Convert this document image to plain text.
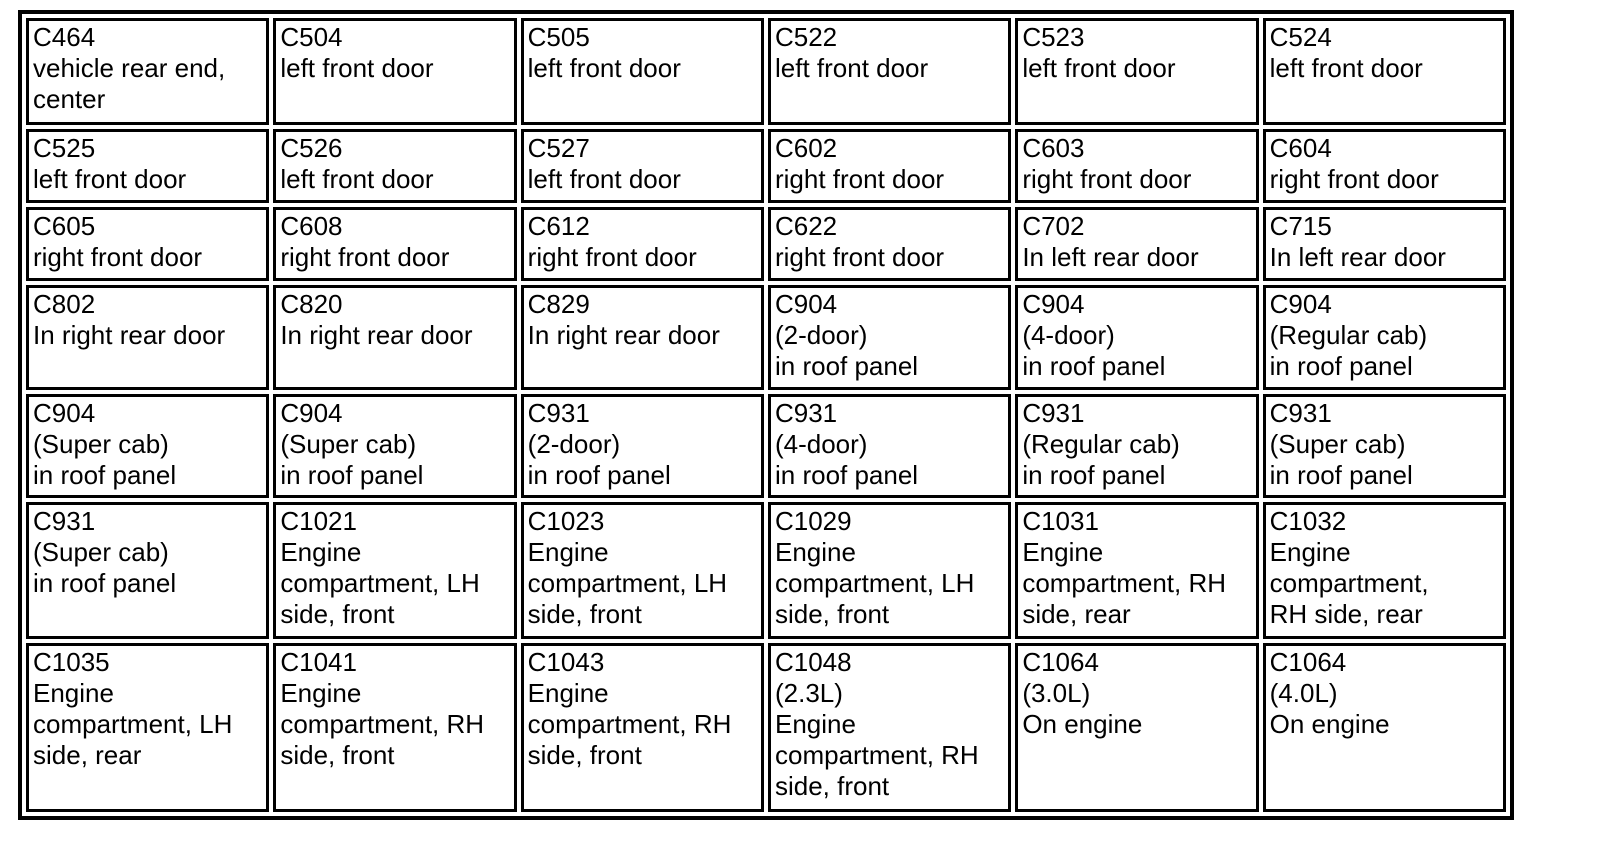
C464
vehicle rear end,
center	C504
left front door	C505
left front door	C522
left front door	C523
left front door	C524
left front door
C525
left front door	C526
left front door	C527
left front door	C602
right front door	C603
right front door	C604
right front door
C605
right front door	C608
right front door	C612
right front door	C622
right front door	C702
In left rear door	C715
In left rear door
C802
In right rear door	C820
In right rear door	C829
In right rear door	C904
(2-door)
in roof panel	C904
(4-door)
in roof panel	C904
(Regular cab)
in roof panel
C904
(Super cab)
in roof panel	C904
(Super cab)
in roof panel	C931
(2-door)
in roof panel	C931
(4-door)
in roof panel	C931
(Regular cab)
in roof panel	C931
(Super cab)
in roof panel
C931
(Super cab)
in roof panel	C1021
Engine
compartment, LH
side, front	C1023
Engine
compartment, LH
side, front	C1029
Engine
compartment, LH
side, front	C1031
Engine
compartment, RH
side, rear	C1032
Engine
compartment,
RH side, rear
C1035
Engine
compartment, LH
side, rear	C1041
Engine
compartment, RH
side, front	C1043
Engine
compartment, RH
side, front	C1048
(2.3L)
Engine
compartment, RH
side, front	C1064
(3.0L)
On engine	C1064
(4.0L)
On engine
